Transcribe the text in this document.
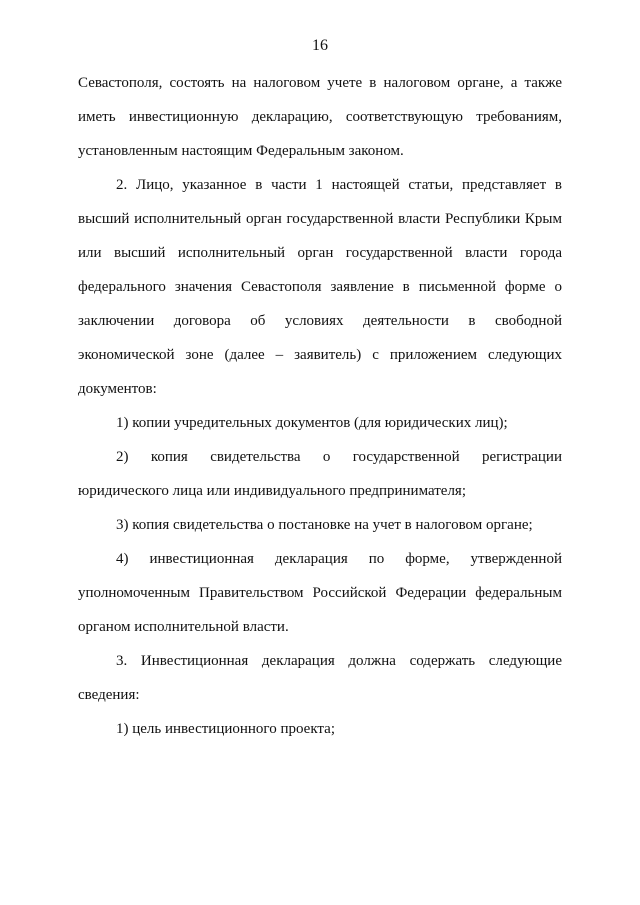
16
Севастополя, состоять на налоговом учете в налоговом органе, а также
иметь инвестиционную декларацию, соответствующую требованиям,
установленным настоящим Федеральным законом.
2. Лицо, указанное в части 1 настоящей статьи, представляет в
высший исполнительный орган государственной власти Республики Крым
или высший исполнительный орган государственной власти города
федерального значения Севастополя заявление в письменной форме о
заключении договора об условиях деятельности в свободной
экономической зоне (далее – заявитель) с приложением следующих
документов:
1) копии учредительных документов (для юридических лиц);
2) копия свидетельства о государственной регистрации
юридического лица или индивидуального предпринимателя;
3) копия свидетельства о постановке на учет в налоговом органе;
4) инвестиционная декларация по форме, утвержденной
уполномоченным Правительством Российской Федерации федеральным
органом исполнительной власти.
3. Инвестиционная декларация должна содержать следующие
сведения:
1) цель инвестиционного проекта;
